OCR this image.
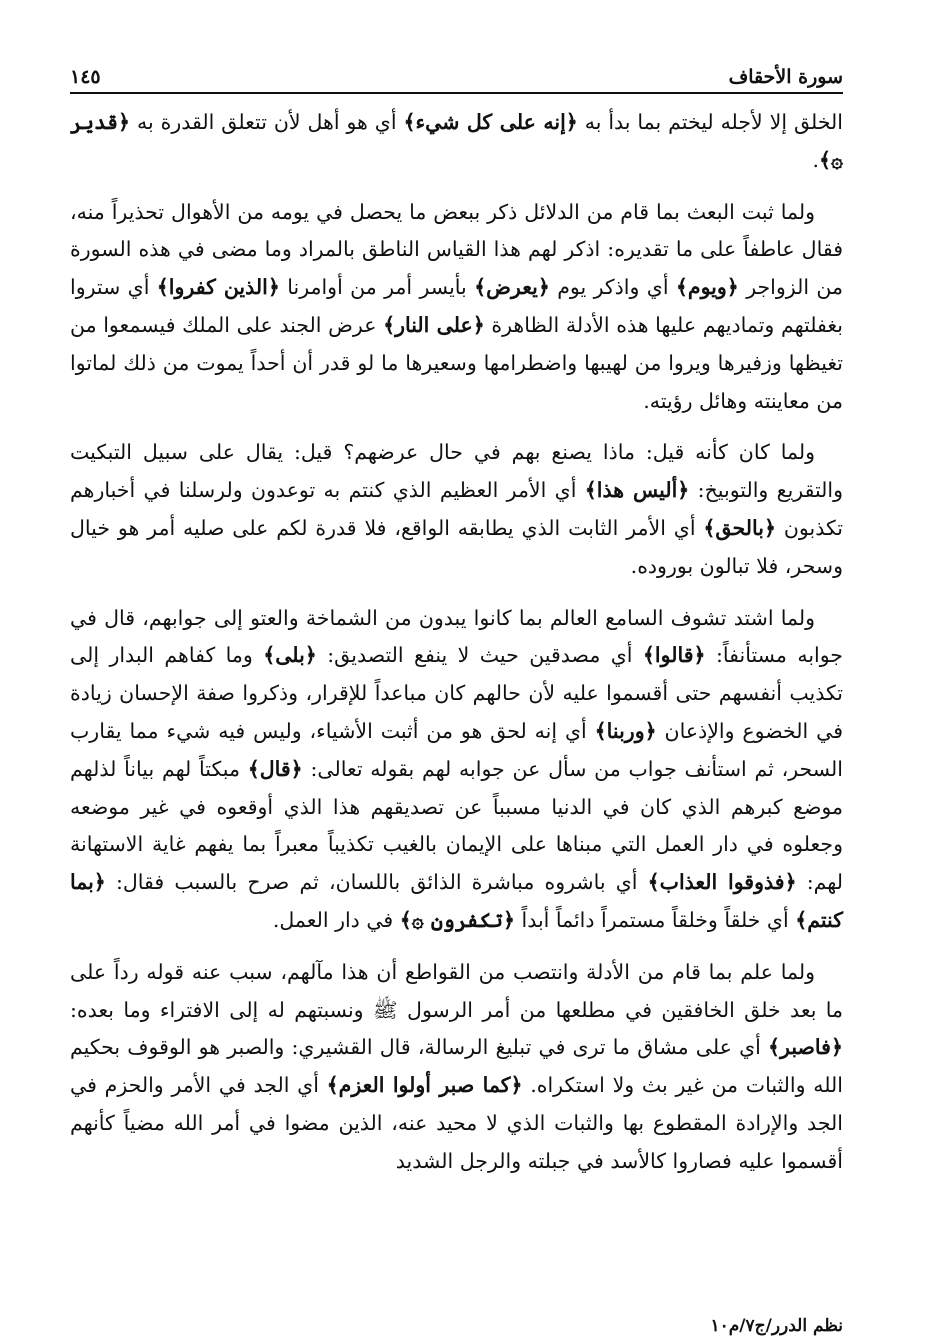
سورة الأحقاف
١٤٥

الخلق إلا لأجله ليختم بما بدأ به ﴿إنه على كل شيء﴾ أي هو أهل لأن تتعلق القدرة به ﴿قدير ۞﴾.

ولما ثبت البعث بما قام من الدلائل ذكر ببعض ما يحصل في يومه من الأهوال تحذيراً منه، فقال عاطفاً على ما تقديره: اذكر لهم هذا القياس الناطق بالمراد وما مضى في هذه السورة من الزواجر ﴿ويوم﴾ أي واذكر يوم ﴿يعرض﴾ بأيسر أمر من أوامرنا ﴿الذين كفروا﴾ أي ستروا بغفلتهم وتماديهم عليها هذه الأدلة الظاهرة ﴿على النار﴾ عرض الجند على الملك فيسمعوا من تغيظها وزفيرها ويروا من لهيبها واضطرامها وسعيرها ما لو قدر أن أحداً يموت من ذلك لماتوا من معاينته وهائل رؤيته.

ولما كان كأنه قيل: ماذا يصنع بهم في حال عرضهم؟ قيل: يقال على سبيل التبكيت والتقريع والتوبيخ: ﴿أليس هذا﴾ أي الأمر العظيم الذي كنتم به توعدون ولرسلنا في أخبارهم تكذبون ﴿بالحق﴾ أي الأمر الثابت الذي يطابقه الواقع، فلا قدرة لكم على صليه أمر هو خيال وسحر، فلا تبالون بوروده.

ولما اشتد تشوف السامع العالم بما كانوا يبدون من الشماخة والعتو إلى جوابهم، قال في جوابه مستأنفاً: ﴿قالوا﴾ أي مصدقين حيث لا ينفع التصديق: ﴿بلى﴾ وما كفاهم البدار إلى تكذيب أنفسهم حتى أقسموا عليه لأن حالهم كان مباعداً للإقرار، وذكروا صفة الإحسان زيادة في الخضوع والإذعان ﴿وربنا﴾ أي إنه لحق هو من أثبت الأشياء، وليس فيه شيء مما يقارب السحر، ثم استأنف جواب من سأل عن جوابه لهم بقوله تعالى: ﴿قال﴾ مبكتاً لهم بياناً لذلهم موضع كبرهم الذي كان في الدنيا مسبباً عن تصديقهم هذا الذي أوقعوه في غير موضعه وجعلوه في دار العمل التي مبناها على الإيمان بالغيب تكذيباً معبراً بما يفهم غاية الاستهانة لهم: ﴿فذوقوا العذاب﴾ أي باشروه مباشرة الذائق باللسان، ثم صرح بالسبب فقال: ﴿بما كنتم﴾ أي خلقاً وخلقاً مستمراً دائماً أبداً ﴿تكفرون ۞﴾ في دار العمل.

ولما علم بما قام من الأدلة وانتصب من القواطع أن هذا مآلهم، سبب عنه قوله رداً على ما بعد خلق الخافقين في مطلعها من أمر الرسول ﷺ ونسبتهم له إلى الافتراء وما بعده: ﴿فاصبر﴾ أي على مشاق ما ترى في تبليغ الرسالة، قال القشيري: والصبر هو الوقوف بحكيم الله والثبات من غير بث ولا استكراه. ﴿كما صبر أولوا العزم﴾ أي الجد في الأمر والحزم في الجد والإرادة المقطوع بها والثبات الذي لا محيد عنه، الذين مضوا في أمر الله مضياً كأنهم أقسموا عليه فصاروا كالأسد في جبلته والرجل الشديد

نظم الدرر/ج٧/م١٠
